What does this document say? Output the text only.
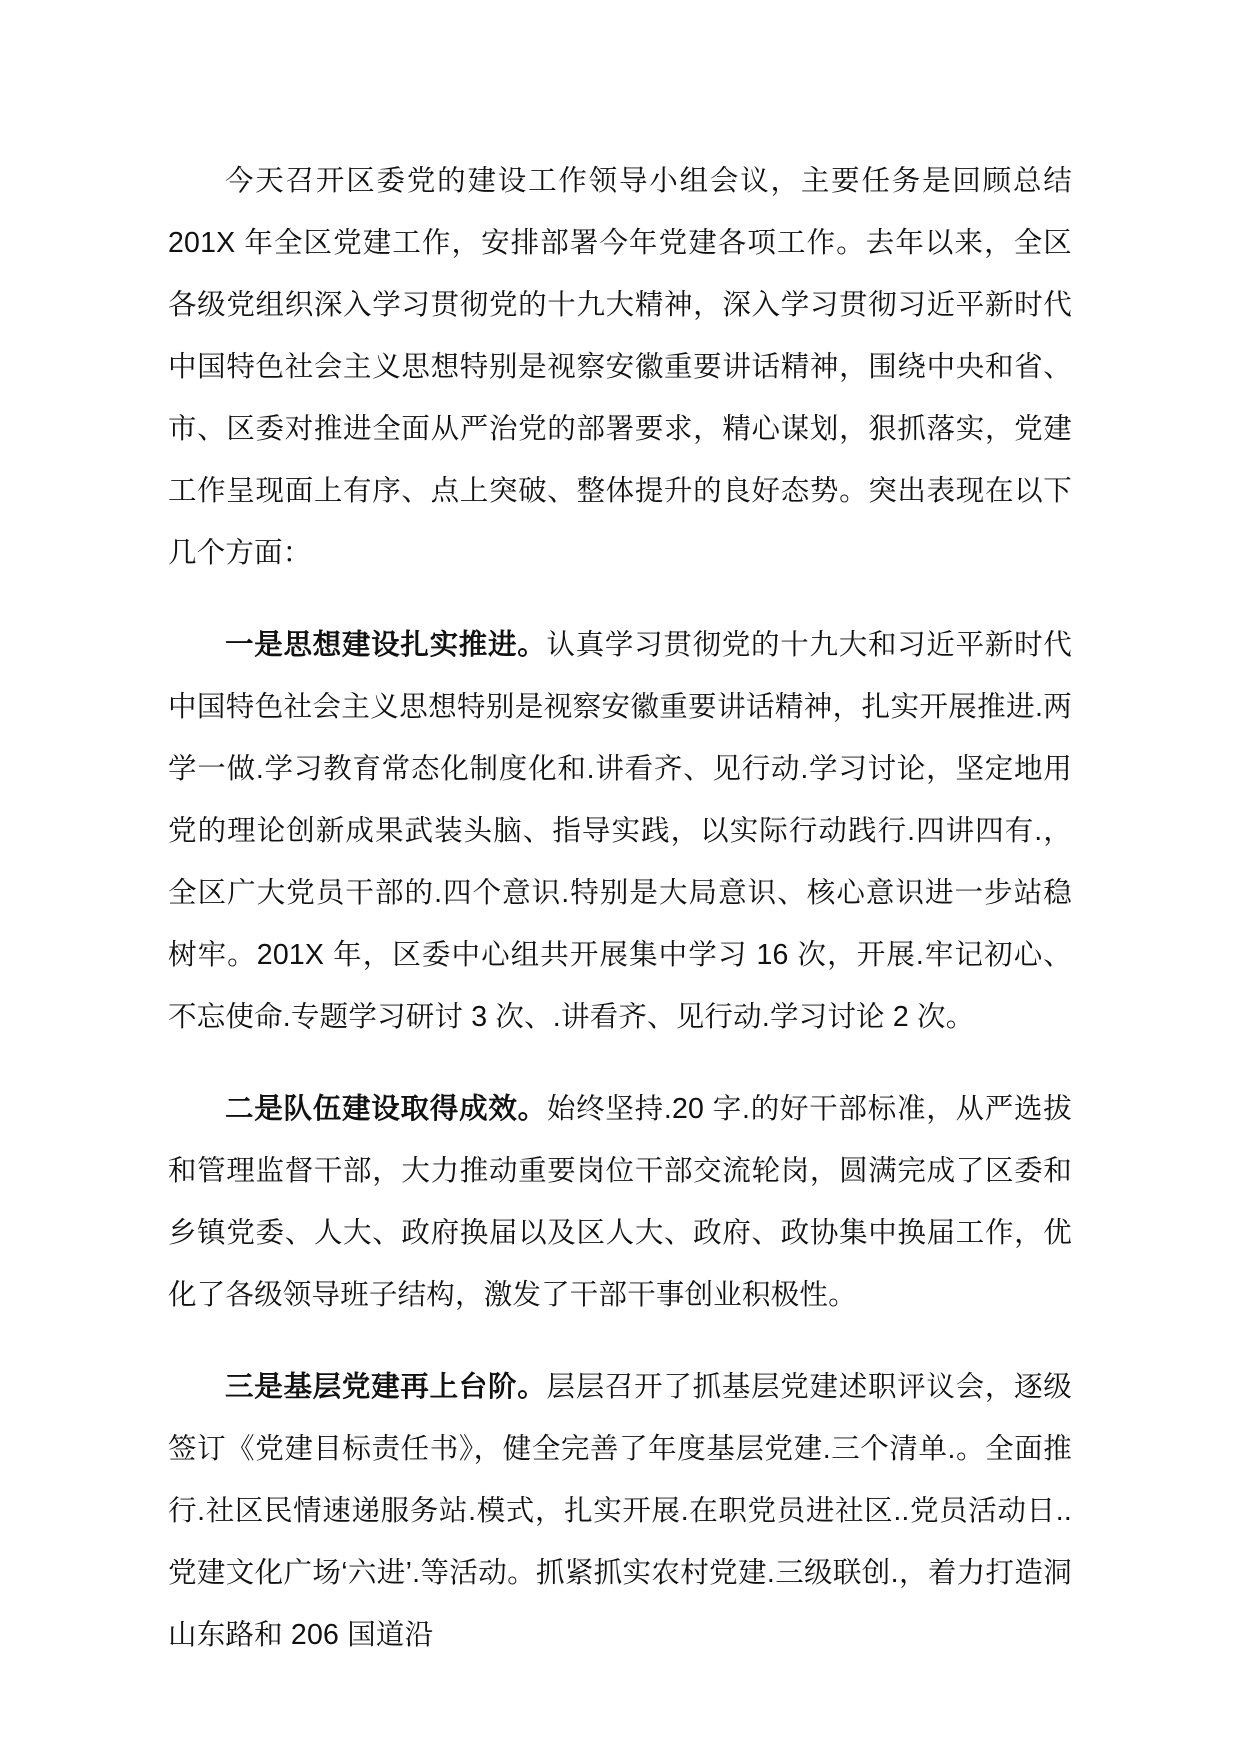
今天召开区委党的建设工作领导小组会议，主要任务是回顾总结 201X 年全区党建工作，安排部署今年党建各项工作。去年以来，全区各级党组织深入学习贯彻党的十九大精神，深入学习贯彻习近平新时代中国特色社会主义思想特别是视察安徽重要讲话精神，围绕中央和省、市、区委对推进全面从严治党的部署要求，精心谋划，狠抓落实，党建工作呈现面上有序、点上突破、整体提升的良好态势。突出表现在以下几个方面：

一是思想建设扎实推进。认真学习贯彻党的十九大和习近平新时代中国特色社会主义思想特别是视察安徽重要讲话精神，扎实开展推进.两学一做.学习教育常态化制度化和.讲看齐、见行动.学习讨论，坚定地用党的理论创新成果武装头脑、指导实践，以实际行动践行.四讲四有.，全区广大党员干部的.四个意识.特别是大局意识、核心意识进一步站稳树牢。201X 年，区委中心组共开展集中学习 16 次，开展.牢记初心、不忘使命.专题学习研讨 3 次、.讲看齐、见行动.学习讨论 2 次。

二是队伍建设取得成效。始终坚持.20 字.的好干部标准，从严选拔和管理监督干部，大力推动重要岗位干部交流轮岗，圆满完成了区委和乡镇党委、人大、政府换届以及区人大、政府、政协集中换届工作，优化了各级领导班子结构，激发了干部干事创业积极性。

三是基层党建再上台阶。层层召开了抓基层党建述职评议会，逐级签订《党建目标责任书》，健全完善了年度基层党建.三个清单.。全面推行.社区民情速递服务站.模式，扎实开展.在职党员进社区..党员活动日..党建文化广场‘六进’.等活动。抓紧抓实农村党建.三级联创.，着力打造洞山东路和 206 国道沿
